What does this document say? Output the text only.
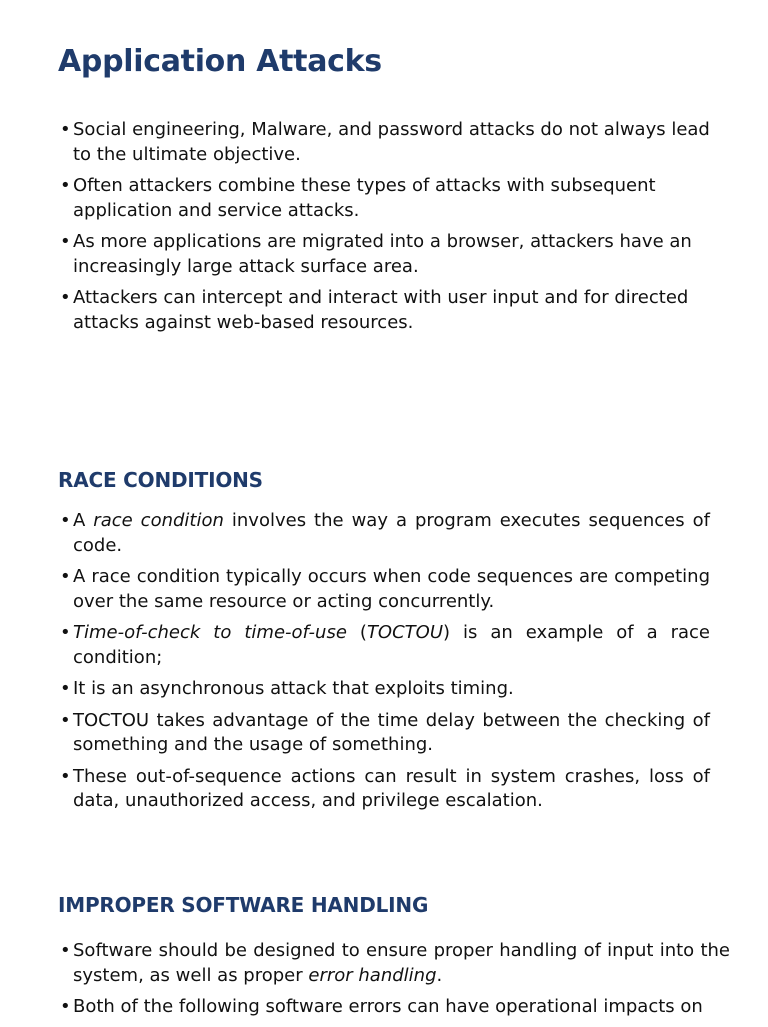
Application Attacks
• Social engineering, Malware, and password attacks do not always lead to the ultimate objective.
• Often attackers combine these types of attacks with subsequent application and service attacks.
• As more applications are migrated into a browser, attackers have an increasingly large attack surface area.
• Attackers can intercept and interact with user input and for directed attacks against web-based resources.
RACE CONDITIONS
• A race condition involves the way a program executes sequences of code.
• A race condition typically occurs when code sequences are competing over the same resource or acting concurrently.
• Time-of-check to time-of-use (TOCTOU) is an example of a race condition;
• It is an asynchronous attack that exploits timing.
• TOCTOU takes advantage of the time delay between the checking of something and the usage of something.
• These out-of-sequence actions can result in system crashes, loss of data, unauthorized access, and privilege escalation.
IMPROPER SOFTWARE HANDLING
• Software should be designed to ensure proper handling of input into the system, as well as proper error handling.
• Both of the following software errors can have operational impacts on
